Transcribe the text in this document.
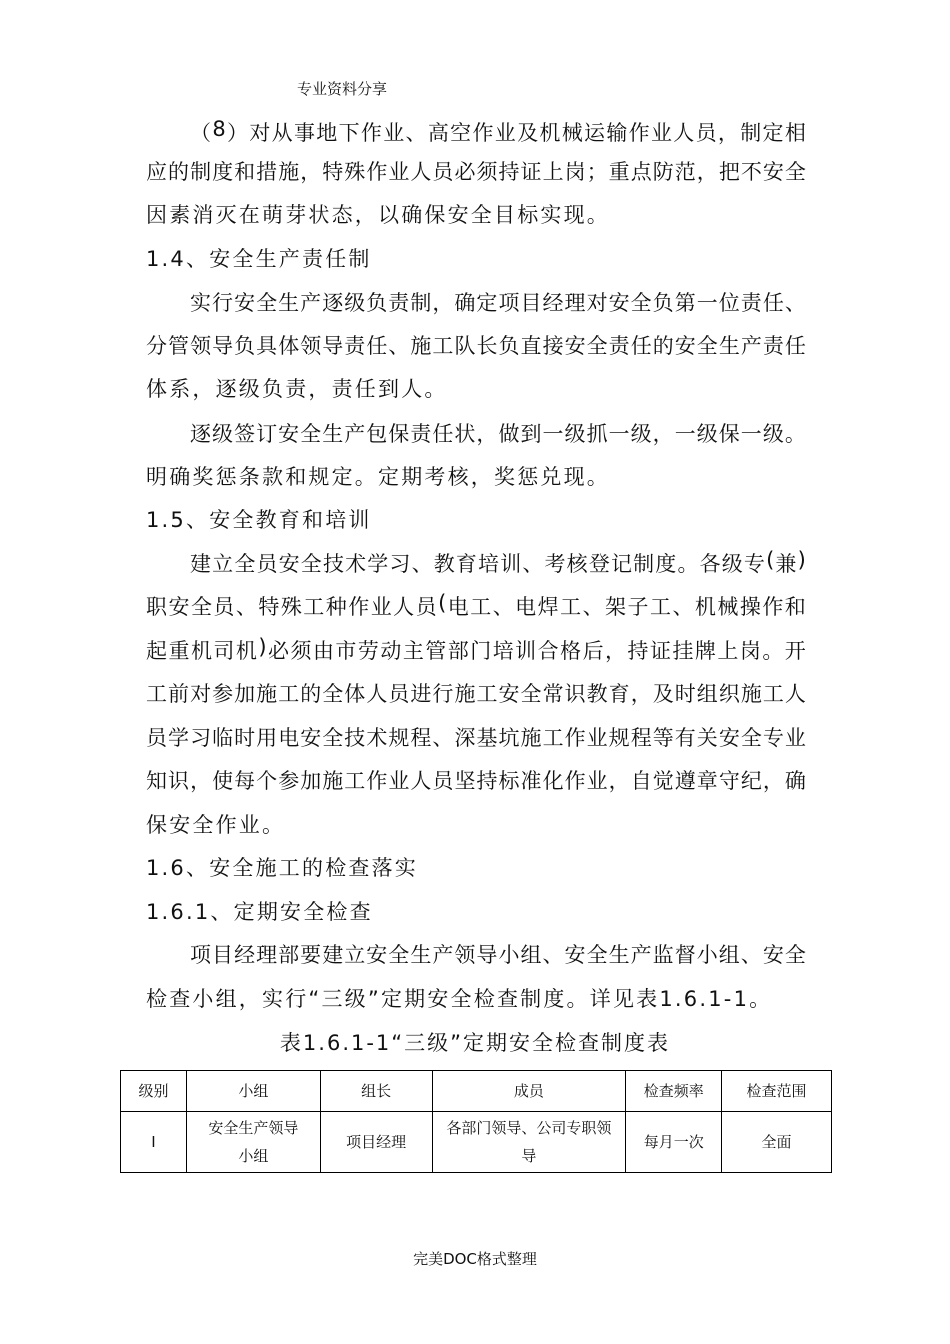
专业资料分享
（ 8 ） 对 从 事 地 下 作 业 、 高 空 作 业 及 机 械 运 输 作 业 人 员 ， 制 定 相
应 的 制 度 和 措 施 ， 特 殊 作 业 人 员 必 须 持 证 上 岗 ； 重 点 防 范 ， 把 不 安 全
因素消灭在萌芽状态，以确保安全目标实现。
1.4、安全生产责任制
实 行 安 全 生 产 逐 级 负 责 制 ， 确 定 项 目 经 理 对 安 全 负 第 一 位 责 任 、
分 管 领 导 负 具 体 领 导 责 任 、 施 工 队 长 负 直 接 安 全 责 任 的 安 全 生 产 责 任
体系，逐级负责，责任到人。
逐 级 签 订 安 全 生 产 包 保 责 任 状 ， 做 到 一 级 抓 一 级 ， 一 级 保 一 级 。
明确奖惩条款和规定。定期考核，奖惩兑现。
1.5、安全教育和培训
建 立 全 员 安 全 技 术 学 习 、 教 育 培 训 、 考 核 登 记 制 度 。 各 级 专 ( 兼 )
职 安 全 员 、 特 殊 工 种 作 业 人 员 ( 电 工 、 电 焊 工 、 架 子 工 、 机 械 操 作 和
起 重 机 司 机 ) 必 须 由 市 劳 动 主 管 部 门 培 训 合 格 后 ， 持 证 挂 牌 上 岗 。 开
工 前 对 参 加 施 工 的 全 体 人 员 进 行 施 工 安 全 常 识 教 育 ， 及 时 组 织 施 工 人
员 学 习 临 时 用 电 安 全 技 术 规 程 、 深 基 坑 施 工 作 业 规 程 等 有 关 安 全 专 业
知 识 ， 使 每 个 参 加 施 工 作 业 人 员 坚 持 标 准 化 作 业 ， 自 觉 遵 章 守 纪 ， 确
保安全作业。
1.6、安全施工的检查落实
1.6.1、定期安全检查
项 目 经 理 部 要 建 立 安 全 生 产 领 导 小 组 、 安 全 生 产 监 督 小 组 、 安 全
检查小组，实行“三级”定期安全检查制度。详见表1.6.1-1。
表1.6.1-1“三级”定期安全检查制度表
级别	小组	组长	成员	检查频率	检查范围
Ⅰ	安全生产领导小组	项目经理	各部门领导、公司专职领导	每月一次	全面
完美DOC格式整理
